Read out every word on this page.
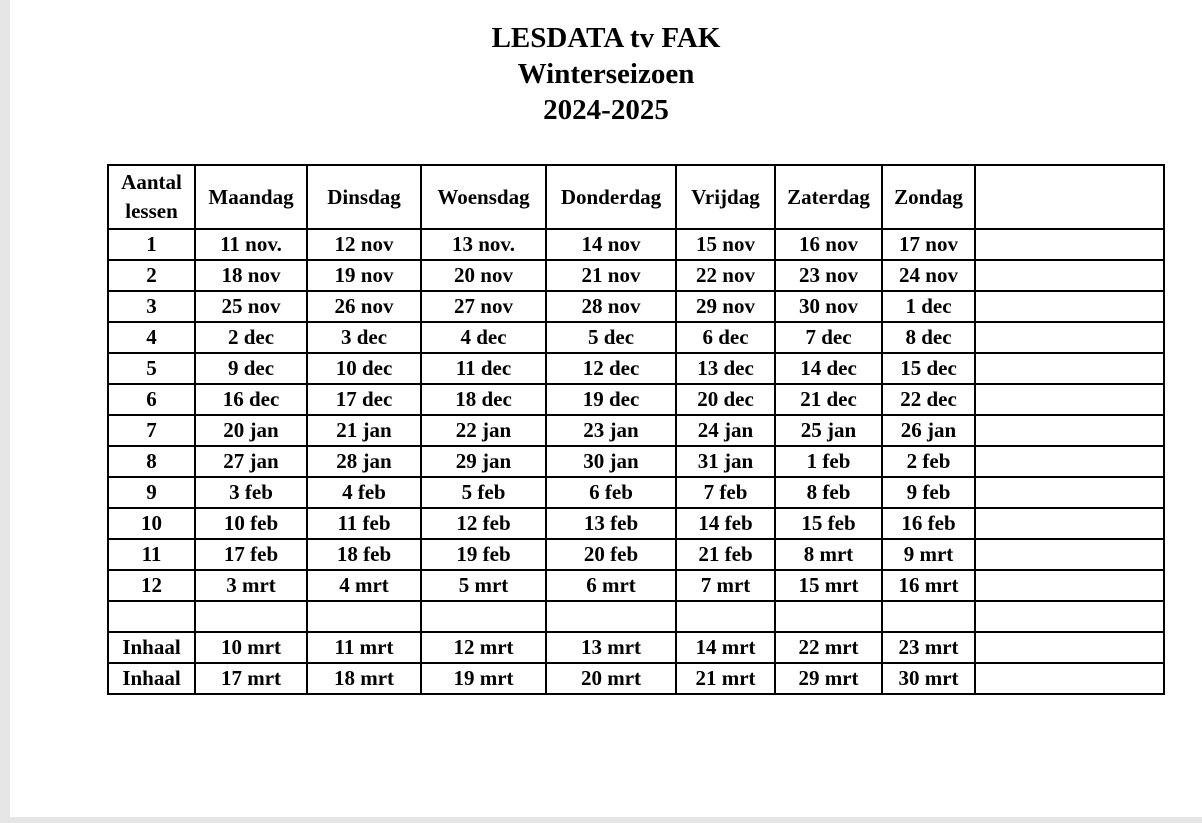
LESDATA tv FAK
Winterseizoen
2024-2025
Aantal
lessen	Maandag	Dinsdag	Woensdag	Donderdag	Vrijdag	Zaterdag	Zondag	
1	11 nov.	12 nov	13 nov.	14 nov	15 nov	16 nov	17 nov	
2	18 nov	19 nov	20 nov	21 nov	22 nov	23 nov	24 nov	
3	25 nov	26 nov	27 nov	28 nov	29 nov	30 nov	1 dec	
4	2 dec	3 dec	4 dec	5 dec	6 dec	7 dec	8 dec	
5	9 dec	10 dec	11 dec	12 dec	13 dec	14 dec	15 dec	
6	16 dec	17 dec	18 dec	19 dec	20 dec	21 dec	22 dec	
7	20 jan	21 jan	22 jan	23 jan	24 jan	25 jan	26 jan	
8	27 jan	28 jan	29 jan	30 jan	31 jan	1 feb	2 feb	
9	3 feb	4 feb	5 feb	6 feb	7 feb	8 feb	9 feb	
10	10 feb	11 feb	12 feb	13 feb	14 feb	15 feb	16 feb	
11	17 feb	18 feb	19 feb	20 feb	21 feb	8 mrt	9 mrt	
12	3 mrt	4 mrt	5 mrt	6 mrt	7 mrt	15 mrt	16 mrt	

Inhaal	10 mrt	11 mrt	12 mrt	13 mrt	14 mrt	22 mrt	23 mrt	
Inhaal	17 mrt	18 mrt	19 mrt	20 mrt	21 mrt	29 mrt	30 mrt	
